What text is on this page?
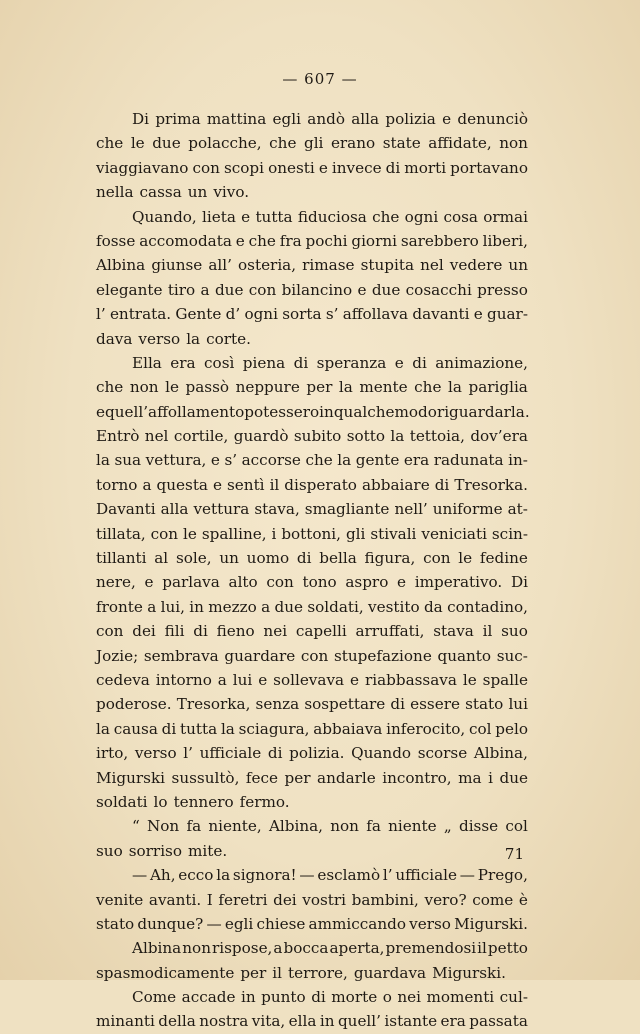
— 607 —
Di prima mattina egli andò alla polizia e denunciò
che le due polacche, che gli erano state affidate, non
viaggiavano con scopi onesti e invece di morti portavano
nella cassa un vivo.
Quando, lieta e tutta fiduciosa che ogni cosa ormai
fosse accomodata e che fra pochi giorni sarebbero liberi,
Albina giunse all’ osteria, rimase stupita nel vedere un
elegante tiro a due con bilancino e due cosacchi presso
l’ entrata. Gente d’ ogni sorta s’ affollava davanti e guar-
dava verso la corte.
Ella era così piena di speranza e di animazione,
che non le passò neppure per la mente che la pariglia
e quell’ affollamento potessero in qualche modo riguardarla.
Entrò nel cortile, guardò subito sotto la tettoia, dov’era
la sua vettura, e s’ accorse che la gente era radunata in-
torno a questa e sentì il disperato abbaiare di Tresorka.
Davanti alla vettura stava, smagliante nell’ uniforme at-
tillata, con le spalline, i bottoni, gli stivali veniciati scin-
tillanti al sole, un uomo di bella figura, con le fedine
nere, e parlava alto con tono aspro e imperativo. Di
fronte a lui, in mezzo a due soldati, vestito da contadino,
con dei fili di fieno nei capelli arruffati, stava il suo
Jozie; sembrava guardare con stupefazione quanto suc-
cedeva intorno a lui e sollevava e riabbassava le spalle
poderose. Tresorka, senza sospettare di essere stato lui
la causa di tutta la sciagura, abbaiava inferocito, col pelo
irto, verso l’ ufficiale di polizia. Quando scorse Albina,
Migurski sussultò, fece per andarle incontro, ma i due
soldati lo tennero fermo.
“ Non fa niente, Albina, non fa niente „ disse col
suo sorriso mite.
— Ah, ecco la signora! — esclamò l’ ufficiale — Prego,
venite avanti. I feretri dei vostri bambini, vero? come è
stato dunque? — egli chiese ammiccando verso Migurski.
Albina non rispose, a bocca aperta, premendosi il petto
spasmodicamente per il terrore, guardava Migurski.
Come accade in punto di morte o nei momenti cul-
minanti della nostra vita, ella in quell’ istante era passata
71
